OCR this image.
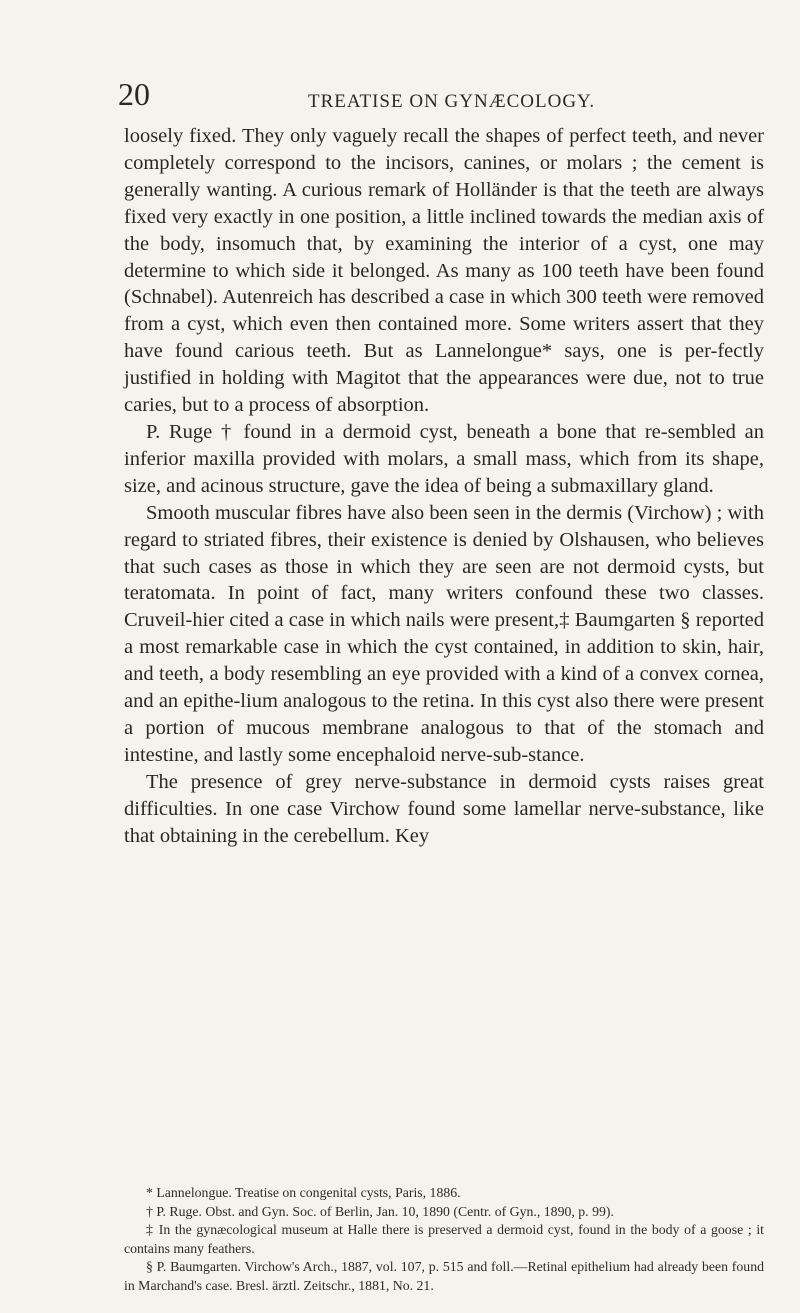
20	TREATISE ON GYNÆCOLOGY.

loosely fixed. They only vaguely recall the shapes of perfect teeth, and never completely correspond to the incisors, canines, or molars ; the cement is generally wanting. A curious remark of Holländer is that the teeth are always fixed very exactly in one position, a little inclined towards the median axis of the body, insomuch that, by examining the interior of a cyst, one may determine to which side it belonged. As many as 100 teeth have been found (Schnabel). Autenreich has described a case in which 300 teeth were removed from a cyst, which even then contained more. Some writers assert that they have found carious teeth. But as Lannelongue* says, one is per-fectly justified in holding with Magitot that the appearances were due, not to true caries, but to a process of absorption.

P. Ruge † found in a dermoid cyst, beneath a bone that re-sembled an inferior maxilla provided with molars, a small mass, which from its shape, size, and acinous structure, gave the idea of being a submaxillary gland.

Smooth muscular fibres have also been seen in the dermis (Virchow) ; with regard to striated fibres, their existence is denied by Olshausen, who believes that such cases as those in which they are seen are not dermoid cysts, but teratomata. In point of fact, many writers confound these two classes. Cruveil-hier cited a case in which nails were present,‡ Baumgarten § reported a most remarkable case in which the cyst contained, in addition to skin, hair, and teeth, a body resembling an eye provided with a kind of a convex cornea, and an epithe-lium analogous to the retina. In this cyst also there were present a portion of mucous membrane analogous to that of the stomach and intestine, and lastly some encephaloid nerve-sub-stance.

The presence of grey nerve-substance in dermoid cysts raises great difficulties. In one case Virchow found some lamellar nerve-substance, like that obtaining in the cerebellum. Key

* Lannelongue. Treatise on congenital cysts, Paris, 1886.

† P. Ruge. Obst. and Gyn. Soc. of Berlin, Jan. 10, 1890 (Centr. of Gyn., 1890, p. 99).

‡ In the gynæcological museum at Halle there is preserved a dermoid cyst, found in the body of a goose ; it contains many feathers.

§ P. Baumgarten. Virchow's Arch., 1887, vol. 107, p. 515 and foll.—Retinal epithelium had already been found in Marchand's case. Bresl. ärztl. Zeitschr., 1881, No. 21.
